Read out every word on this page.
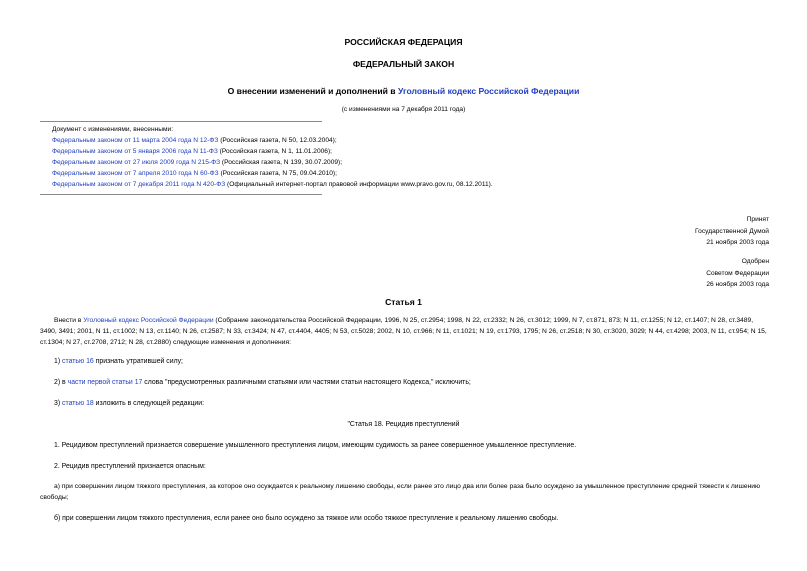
РОССИЙСКАЯ ФЕДЕРАЦИЯ
ФЕДЕРАЛЬНЫЙ ЗАКОН
О внесении изменений и дополнений в Уголовный кодекс Российской Федерации
(с изменениями на 7 декабря 2011 года)
Документ с изменениями, внесенными:
Федеральным законом от 11 марта 2004 года N 12-ФЗ (Российская газета, N 50, 12.03.2004);
Федеральным законом от 5 января 2006 года N 11-ФЗ (Российская газета, N 1, 11.01.2006);
Федеральным законом от 27 июля 2009 года N 215-ФЗ (Российская газета, N 139, 30.07.2009);
Федеральным законом от 7 апреля 2010 года N 60-ФЗ (Российская газета, N 75, 09.04.2010);
Федеральным законом от 7 декабря 2011 года N 420-ФЗ (Официальный интернет-портал правовой информации www.pravo.gov.ru, 08.12.2011).
Принят
Государственной Думой
21 ноября 2003 года
Одобрен
Советом Федерации
26 ноября 2003 года
Статья 1
Внести в Уголовный кодекс Российской Федерации (Собрание законодательства Российской Федерации, 1996, N 25, ст.2954; 1998, N 22, ст.2332; N 26, ст.3012; 1999, N 7, ст.871, 873; N 11, ст.1255; N 12, ст.1407; N 28, ст.3489, 3490, 3491; 2001, N 11, ст.1002; N 13, ст.1140; N 26, ст.2587; N 33, ст.3424; N 47, ст.4404, 4405; N 53, ст.5028; 2002, N 10, ст.966; N 11, ст.1021; N 19, ст.1793, 1795; N 26, ст.2518; N 30, ст.3020, 3029; N 44, ст.4298; 2003, N 11, ст.954; N 15, ст.1304; N 27, ст.2708, 2712; N 28, ст.2880) следующие изменения и дополнения:
1) статью 16 признать утратившей силу;
2) в части первой статьи 17 слова "предусмотренных различными статьями или частями статьи настоящего Кодекса," исключить;
3) статью 18 изложить в следующей редакции:
"Статья 18. Рецидив преступлений
1. Рецидивом преступлений признается совершение умышленного преступления лицом, имеющим судимость за ранее совершенное умышленное преступление.
2. Рецидив преступлений признается опасным:
а) при совершении лицом тяжкого преступления, за которое оно осуждается к реальному лишению свободы, если ранее это лицо два или более раза было осуждено за умышленное преступление средней тяжести к лишению свободы;
б) при совершении лицом тяжкого преступления, если ранее оно было осуждено за тяжкое или особо тяжкое преступление к реальному лишению свободы.
